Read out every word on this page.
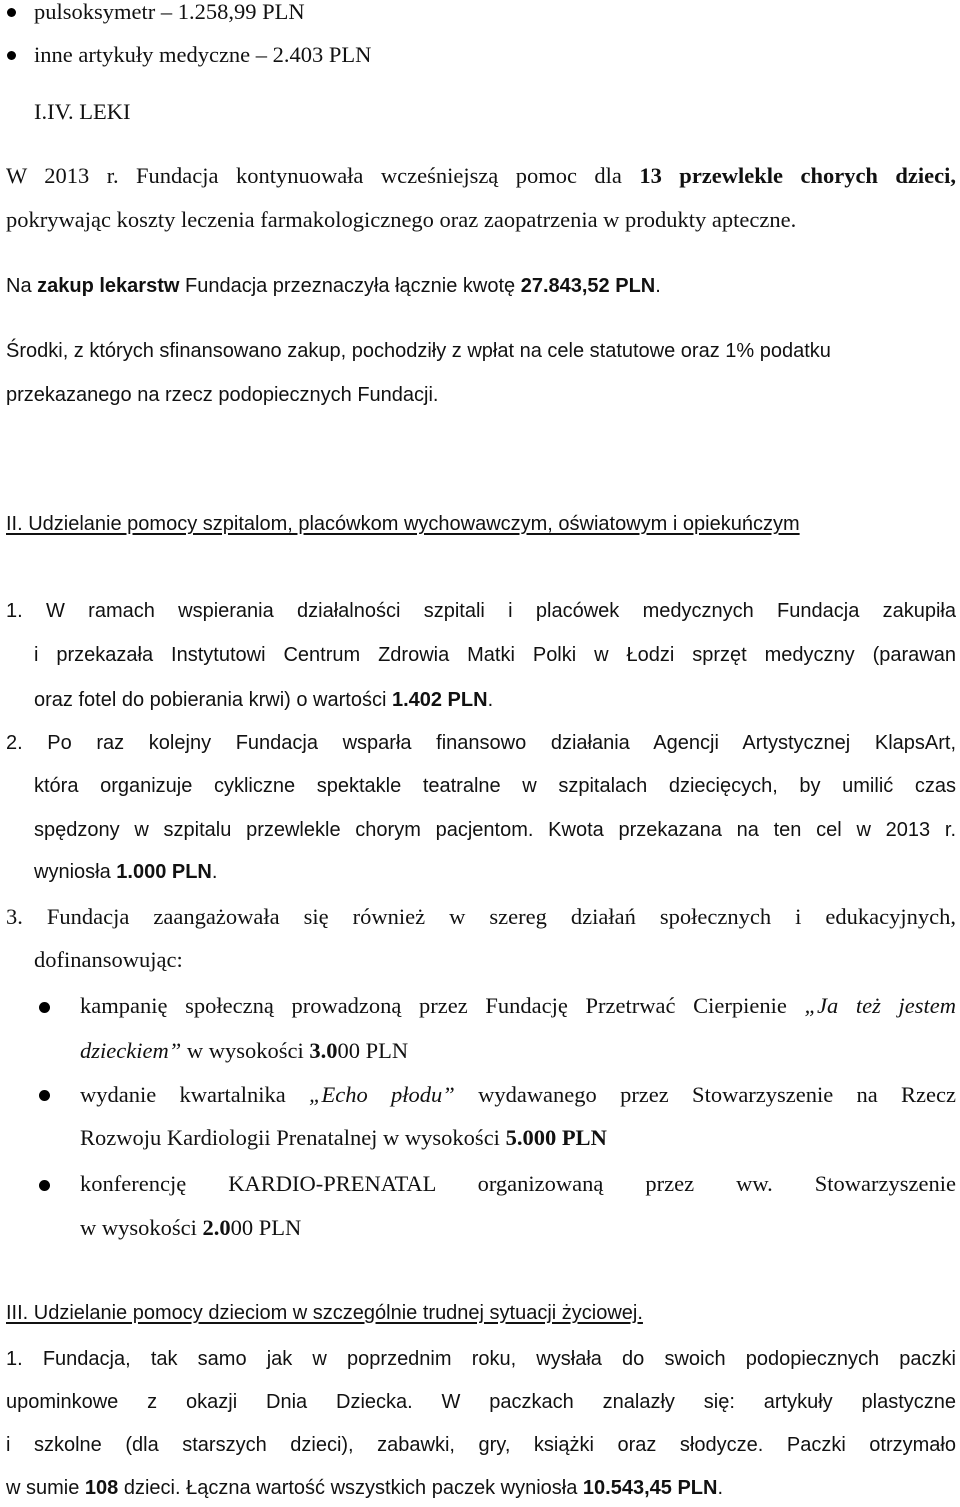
pulsoksymetr – 1.258,99 PLN
inne artykuły medyczne – 2.403 PLN
I.IV. LEKI
W 2013 r. Fundacja kontynuowała wcześniejszą pomoc dla 13 przewlekle chorych dzieci,
pokrywając koszty leczenia farmakologicznego oraz zaopatrzenia w produkty apteczne.
Na zakup lekarstw Fundacja przeznaczyła łącznie kwotę 27.843,52 PLN.
Środki, z których sfinansowano zakup, pochodziły z wpłat na cele statutowe oraz 1% podatku
przekazanego na rzecz podopiecznych Fundacji.
II. Udzielanie pomocy szpitalom, placówkom wychowawczym, oświatowym i opiekuńczym
1. W ramach wspierania działalności szpitali i placówek medycznych Fundacja zakupiła
i przekazała Instytutowi Centrum Zdrowia Matki Polki w Łodzi sprzęt medyczny (parawan
oraz fotel do pobierania krwi) o wartości 1.402 PLN.
2. Po raz kolejny Fundacja wsparła finansowo działania Agencji Artystycznej KlapsArt,
która organizuje cykliczne spektakle teatralne w szpitalach dziecięcych, by umilić czas
spędzony w szpitalu przewlekle chorym pacjentom. Kwota przekazana na ten cel w 2013 r.
wyniosła 1.000 PLN.
3. Fundacja zaangażowała się również w szereg działań społecznych i edukacyjnych,
dofinansowując:
kampanię społeczną prowadzoną przez Fundację Przetrwać Cierpienie „Ja też jestem
dzieckiem” w wysokości 3.000 PLN
wydanie kwartalnika „Echo płodu” wydawanego przez Stowarzyszenie na Rzecz
Rozwoju Kardiologii Prenatalnej w wysokości 5.000 PLN
konferencję KARDIO-PRENATAL organizowaną przez ww. Stowarzyszenie
w wysokości 2.000 PLN
III. Udzielanie pomocy dzieciom w szczególnie trudnej sytuacji życiowej.
1. Fundacja, tak samo jak w poprzednim roku, wysłała do swoich podopiecznych paczki
upominkowe z okazji Dnia Dziecka. W paczkach znalazły się: artykuły plastyczne
i szkolne (dla starszych dzieci), zabawki, gry, książki oraz słodycze. Paczki otrzymało
w sumie 108 dzieci. Łączna wartość wszystkich paczek wyniosła 10.543,45 PLN.
